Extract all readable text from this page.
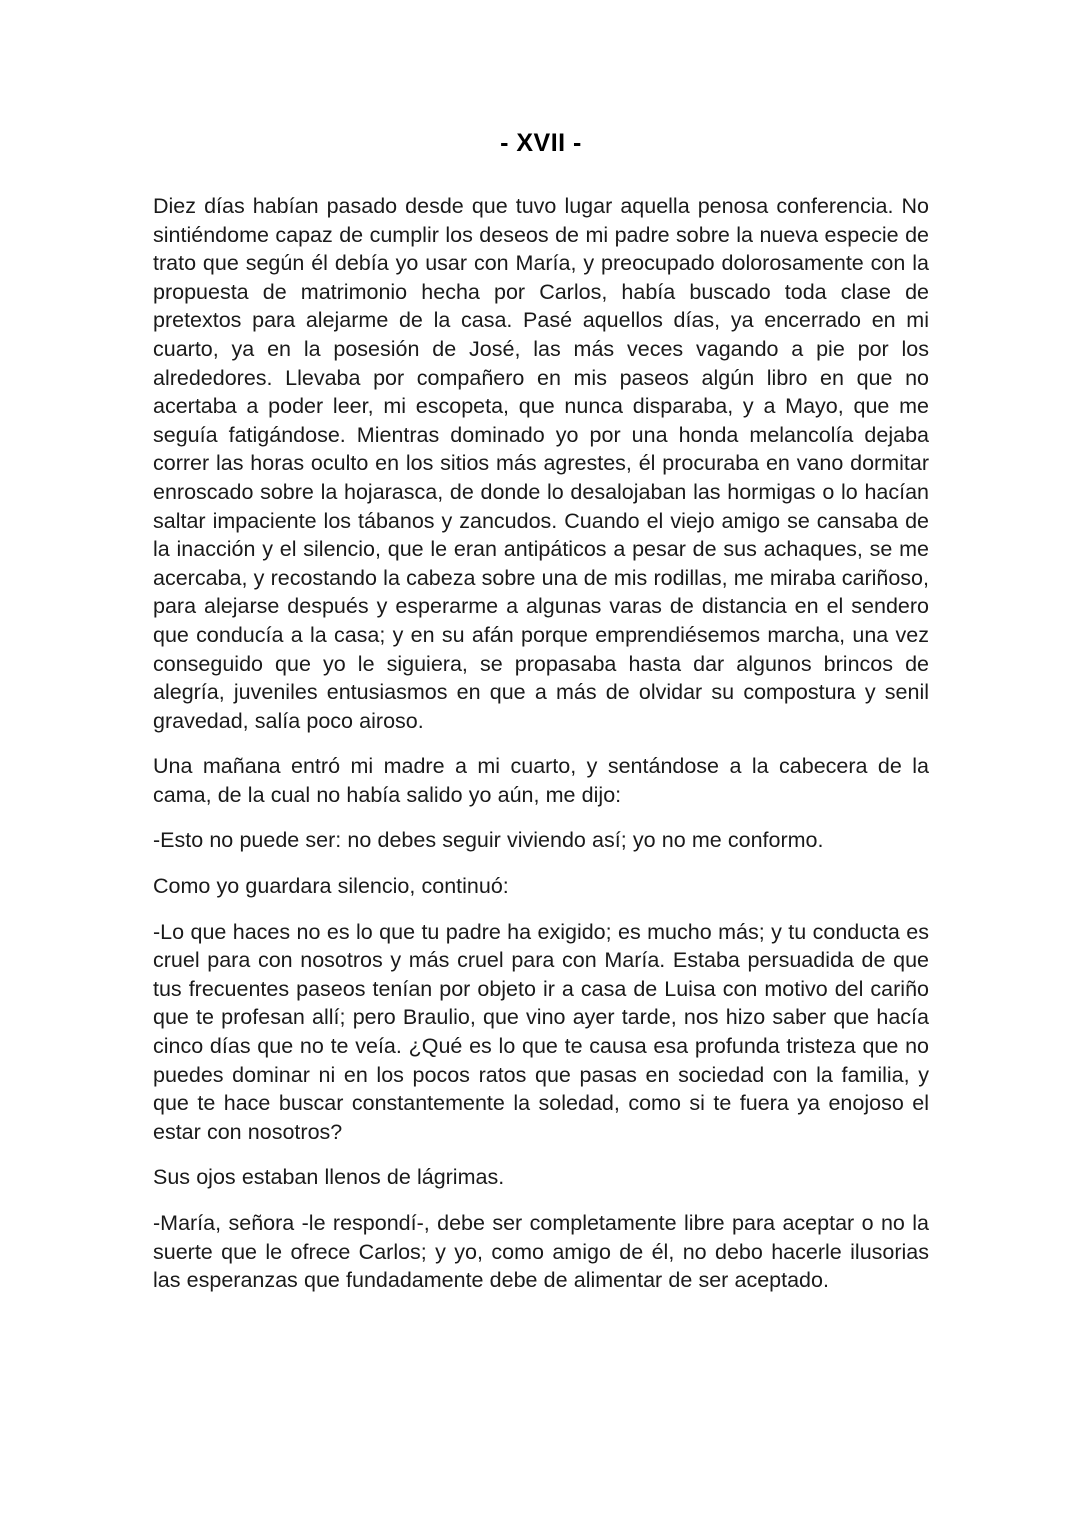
- XVII -

Diez días habían pasado desde que tuvo lugar aquella penosa conferencia. No sintiéndome capaz de cumplir los deseos de mi padre sobre la nueva especie de trato que según él debía yo usar con María, y preocupado dolorosamente con la propuesta de matrimonio hecha por Carlos, había buscado toda clase de pretextos para alejarme de la casa. Pasé aquellos días, ya encerrado en mi cuarto, ya en la posesión de José, las más veces vagando a pie por los alrededores. Llevaba por compañero en mis paseos algún libro en que no acertaba a poder leer, mi escopeta, que nunca disparaba, y a Mayo, que me seguía fatigándose. Mientras dominado yo por una honda melancolía dejaba correr las horas oculto en los sitios más agrestes, él procuraba en vano dormitar enroscado sobre la hojarasca, de donde lo desalojaban las hormigas o lo hacían saltar impaciente los tábanos y zancudos. Cuando el viejo amigo se cansaba de la inacción y el silencio, que le eran antipáticos a pesar de sus achaques, se me acercaba, y recostando la cabeza sobre una de mis rodillas, me miraba cariñoso, para alejarse después y esperarme a algunas varas de distancia en el sendero que conducía a la casa; y en su afán porque emprendiésemos marcha, una vez conseguido que yo le siguiera, se propasaba hasta dar algunos brincos de alegría, juveniles entusiasmos en que a más de olvidar su compostura y senil gravedad, salía poco airoso.

Una mañana entró mi madre a mi cuarto, y sentándose a la cabecera de la cama, de la cual no había salido yo aún, me dijo:

-Esto no puede ser: no debes seguir viviendo así; yo no me conformo.

Como yo guardara silencio, continuó:

-Lo que haces no es lo que tu padre ha exigido; es mucho más; y tu conducta es cruel para con nosotros y más cruel para con María. Estaba persuadida de que tus frecuentes paseos tenían por objeto ir a casa de Luisa con motivo del cariño que te profesan allí; pero Braulio, que vino ayer tarde, nos hizo saber que hacía cinco días que no te veía. ¿Qué es lo que te causa esa profunda tristeza que no puedes dominar ni en los pocos ratos que pasas en sociedad con la familia, y que te hace buscar constantemente la soledad, como si te fuera ya enojoso el estar con nosotros?

Sus ojos estaban llenos de lágrimas.

-María, señora -le respondí-, debe ser completamente libre para aceptar o no la suerte que le ofrece Carlos; y yo, como amigo de él, no debo hacerle ilusorias las esperanzas que fundadamente debe de alimentar de ser aceptado.
